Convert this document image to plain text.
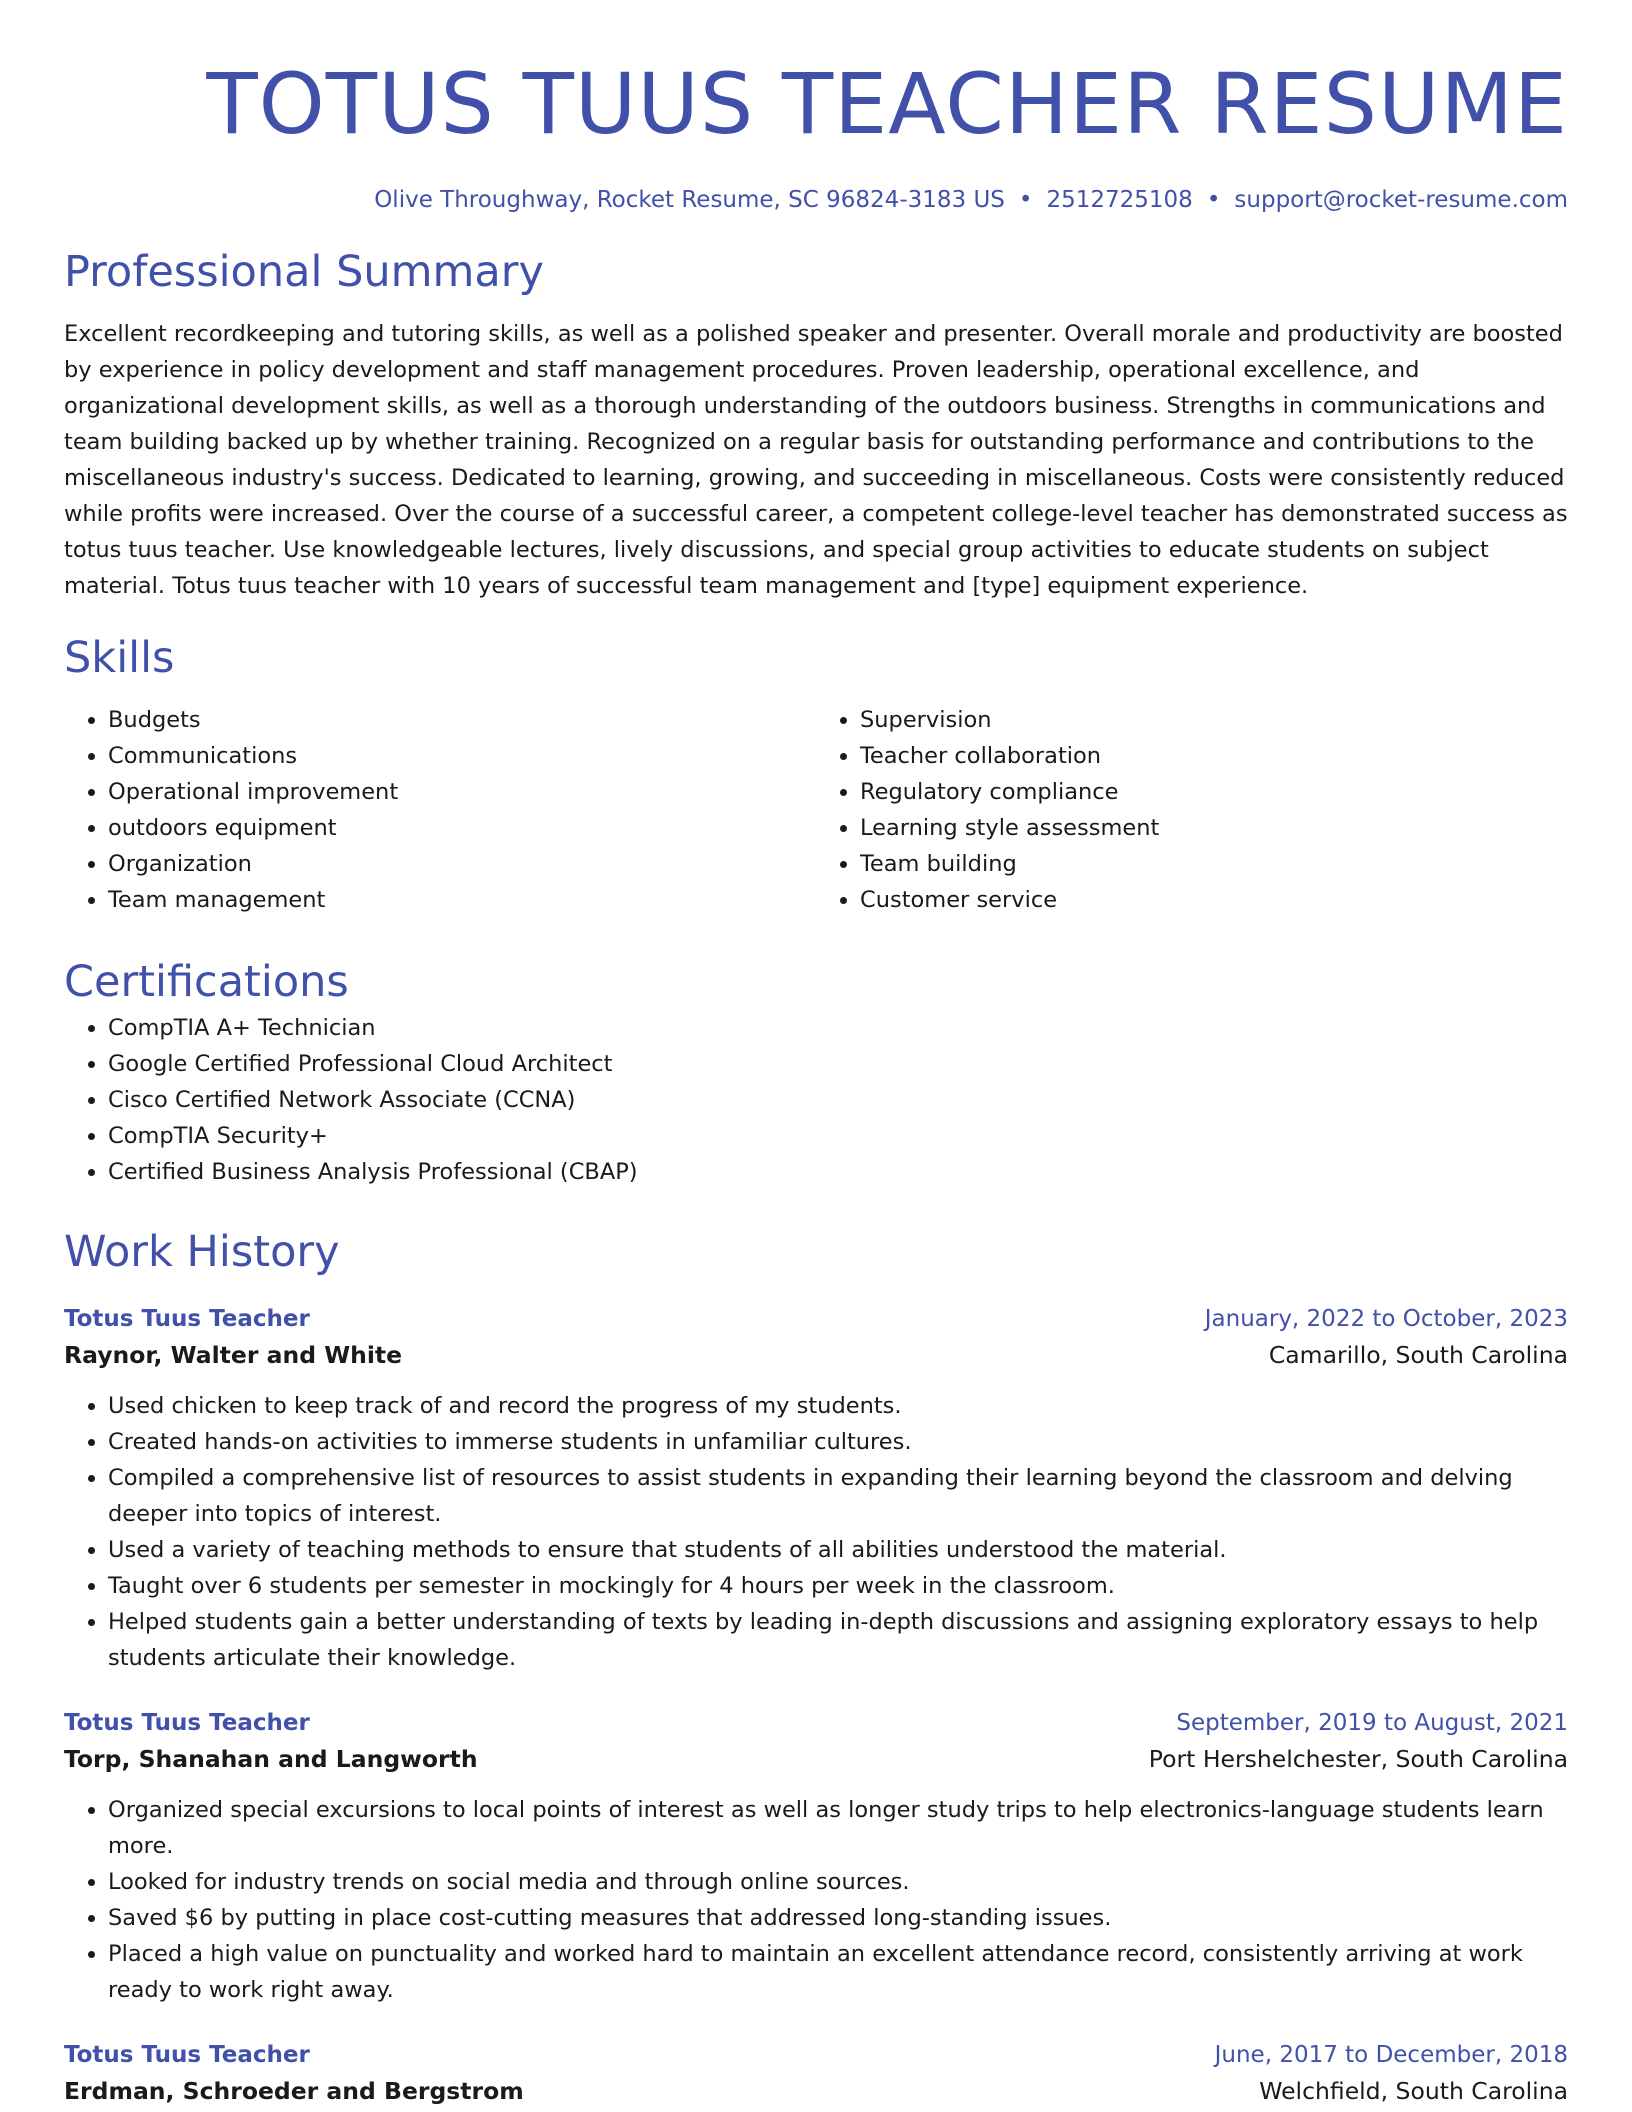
TOTUS TUUS TEACHER RESUME
Olive Throughway, Rocket Resume, SC 96824-3183 US • 2512725108 • support@rocket-resume.com
Professional Summary

Excellent recordkeeping and tutoring skills, as well as a polished speaker and presenter. Overall morale and productivity are boosted by experience in policy development and staff management procedures. Proven leadership, operational excellence, and organizational development skills, as well as a thorough understanding of the outdoors business. Strengths in communications and team building backed up by whether training. Recognized on a regular basis for outstanding performance and contributions to the miscellaneous industry's success. Dedicated to learning, growing, and succeeding in miscellaneous. Costs were consistently reduced while profits were increased. Over the course of a successful career, a competent college-level teacher has demonstrated success as totus tuus teacher. Use knowledgeable lectures, lively discussions, and special group activities to educate students on subject material. Totus tuus teacher with 10 years of successful team management and [type] equipment experience.

Skills
• Budgets
• Communications
• Operational improvement
• outdoors equipment
• Organization
• Team management
• Supervision
• Teacher collaboration
• Regulatory compliance
• Learning style assessment
• Team building
• Customer service
Certifications
• CompTIA A+ Technician
• Google Certified Professional Cloud Architect
• Cisco Certified Network Associate (CCNA)
• CompTIA Security+
• Certified Business Analysis Professional (CBAP)
Work History
Totus Tuus Teacher	January, 2022 to October, 2023
Raynor, Walter and White	Camarillo, South Carolina
• Used chicken to keep track of and record the progress of my students.
• Created hands-on activities to immerse students in unfamiliar cultures.
• Compiled a comprehensive list of resources to assist students in expanding their learning beyond the classroom and delving deeper into topics of interest.
• Used a variety of teaching methods to ensure that students of all abilities understood the material.
• Taught over 6 students per semester in mockingly for 4 hours per week in the classroom.
• Helped students gain a better understanding of texts by leading in-depth discussions and assigning exploratory essays to help students articulate their knowledge.
Totus Tuus Teacher	September, 2019 to August, 2021
Torp, Shanahan and Langworth	Port Hershelchester, South Carolina
• Organized special excursions to local points of interest as well as longer study trips to help electronics-language students learn more.
• Looked for industry trends on social media and through online sources.
• Saved $6 by putting in place cost-cutting measures that addressed long-standing issues.
• Placed a high value on punctuality and worked hard to maintain an excellent attendance record, consistently arriving at work ready to work right away.
Totus Tuus Teacher	June, 2017 to December, 2018
Erdman, Schroeder and Bergstrom	Welchfield, South Carolina
